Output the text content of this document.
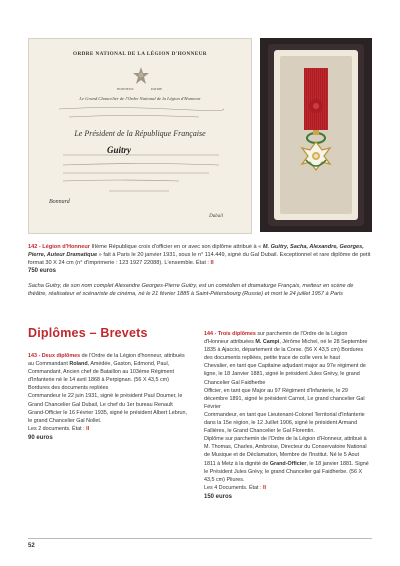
ORDRE NATIONAL DE LA LÉGION D'HONNEUR
HONNEUR	PATRIE
Le Grand Chancelier de l'Ordre National de la Légion d'Honneur
Le Président de la République Française
Guitry
Bonnard
Dubail
142 - Légion d'Honneur IIIème République croix d'officier en or avec son diplôme attribué à « M. Guitry, Sacha, Alexandre, Georges, Pierre, Auteur Dramatique » fait à Paris le 20 janvier 1931, sous le n° 114.449, signé du Gal Dubail. Exceptionnel et rare diplôme de petit format 30 X 24 cm (n° d'imprimerie : 123 1927 22088). L'ensemble. État : II
750 euros
Sacha Guitry, de son nom complet Alexandre Georges-Pierre Guitry, est un comédien et dramaturge Français, metteur en scène de théâtre, réalisateur et scénariste de cinéma, né le 21 février 1885 à Saint-Pétersbourg (Russie) et mort le 24 juillet 1957 à Paris
Diplômes – Brevets

143 - Deux diplômes de l'Ordre de la Légion d'honneur, attribués au Commandant Roland, Amédée, Gaston, Edmond, Paul, Commandant, Ancien chef de Bataillon au 103ème Régiment d'Infanterie né le 14 avril 1868 à Perpignan. (56 X 43,5 cm) Bordures des documents repliées

Commandeur le 22 juin 1931, signé le président Paul Doumer, le Grand Chancelier Gal Dubail, Le chef du 1er bureau Renault

Grand-Officier le 16 Février 1935, signé le président Albert Lebrun, le grand Chancelier Gal Nollet.

Les 2 documents. État : II

90 euros

144 - Trois diplômes sur parchemin de l'Ordre de la Légion d'Honneur attribuées M. Campi, Jérôme Michel, né le 28 Septembre 1835 à Ajaccio, département de la Corse. (56 X 43,5 cm) Bordures des documents repliées, petite trace de colle vers le haut

Chevalier, en tant que Capitaine adjudant major au 97e régiment de ligne, le 18 Janvier 1881, signé le président Jules Grévy, le grand Chancelier Gal Faidherbe

Officier, en tant que Major au 97 Régiment d'Infanterie, le 29 décembre 1891, signé le président Carnot, Le grand chancelier Gal Février

Commandeur, en tant que Lieutenant-Colonel Territorial d'Infanterie dans la 15e région, le 12 Juillet 1906, signé le président Armand Fallières, le Grand Chancelier le Gal Florentin.

Diplôme sur parchemin de l'Ordre de la Légion d'Honneur, attribué à M. Thomas, Charles, Ambroise, Directeur du Conservatoire National de Musique et de Déclamation, Membre de l'Institut. Né le 5 Aout 1811 à Metz à la dignité de Grand-Officier, le 18 janvier 1881. Signé le Président Jules Grévy, le grand Chancelier gal Faidherbe. (56 X 43,5 cm) Pliures.

Les 4 Documents. État : II

150 euros

52
